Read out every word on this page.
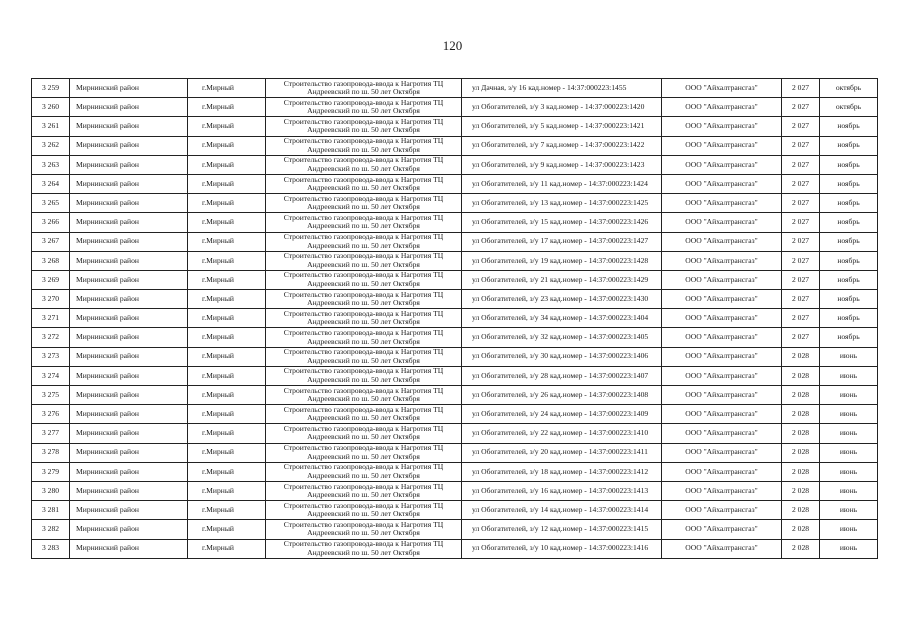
120
3 259	Мирнинский район	г.Мирный	Строительство газопровода-ввода к Нагротия ТЦ Андреевский по ш. 50 лет Октября	ул Дачная, з/у 16 кад.номер - 14:37:000223:1455	ООО "Айхалтрансгаз"	2 027	октябрь
3 260	Мирнинский район	г.Мирный	Строительство газопровода-ввода к Нагротия ТЦ Андреевский по ш. 50 лет Октября	ул Обогатителей, з/у 3 кад.номер - 14:37:000223:1420	ООО "Айхалтрансгаз"	2 027	октябрь
3 261	Мирнинский район	г.Мирный	Строительство газопровода-ввода к Нагротия ТЦ Андреевский по ш. 50 лет Октября	ул Обогатителей, з/у 5 кад.номер - 14:37:000223:1421	ООО "Айхалтрансгаз"	2 027	ноябрь
3 262	Мирнинский район	г.Мирный	Строительство газопровода-ввода к Нагротия ТЦ Андреевский по ш. 50 лет Октября	ул Обогатителей, з/у 7 кад.номер - 14:37:000223:1422	ООО "Айхалтрансгаз"	2 027	ноябрь
3 263	Мирнинский район	г.Мирный	Строительство газопровода-ввода к Нагротия ТЦ Андреевский по ш. 50 лет Октября	ул Обогатителей, з/у 9 кад.номер - 14:37:000223:1423	ООО "Айхалтрансгаз"	2 027	ноябрь
3 264	Мирнинский район	г.Мирный	Строительство газопровода-ввода к Нагротия ТЦ Андреевский по ш. 50 лет Октября	ул Обогатителей, з/у 11 кад.номер - 14:37:000223:1424	ООО "Айхалтрансгаз"	2 027	ноябрь
3 265	Мирнинский район	г.Мирный	Строительство газопровода-ввода к Нагротия ТЦ Андреевский по ш. 50 лет Октября	ул Обогатителей, з/у 13 кад.номер - 14:37:000223:1425	ООО "Айхалтрансгаз"	2 027	ноябрь
3 266	Мирнинский район	г.Мирный	Строительство газопровода-ввода к Нагротия ТЦ Андреевский по ш. 50 лет Октября	ул Обогатителей, з/у 15 кад.номер - 14:37:000223:1426	ООО "Айхалтрансгаз"	2 027	ноябрь
3 267	Мирнинский район	г.Мирный	Строительство газопровода-ввода к Нагротия ТЦ Андреевский по ш. 50 лет Октября	ул Обогатителей, з/у 17 кад.номер - 14:37:000223:1427	ООО "Айхалтрансгаз"	2 027	ноябрь
3 268	Мирнинский район	г.Мирный	Строительство газопровода-ввода к Нагротия ТЦ Андреевский по ш. 50 лет Октября	ул Обогатителей, з/у 19 кад.номер - 14:37:000223:1428	ООО "Айхалтрансгаз"	2 027	ноябрь
3 269	Мирнинский район	г.Мирный	Строительство газопровода-ввода к Нагротия ТЦ Андреевский по ш. 50 лет Октября	ул Обогатителей, з/у 21 кад.номер - 14:37:000223:1429	ООО "Айхалтрансгаз"	2 027	ноябрь
3 270	Мирнинский район	г.Мирный	Строительство газопровода-ввода к Нагротия ТЦ Андреевский по ш. 50 лет Октября	ул Обогатителей, з/у 23 кад.номер - 14:37:000223:1430	ООО "Айхалтрансгаз"	2 027	ноябрь
3 271	Мирнинский район	г.Мирный	Строительство газопровода-ввода к Нагротия ТЦ Андреевский по ш. 50 лет Октября	ул Обогатителей, з/у 34 кад.номер - 14:37:000223:1404	ООО "Айхалтрансгаз"	2 027	ноябрь
3 272	Мирнинский район	г.Мирный	Строительство газопровода-ввода к Нагротия ТЦ Андреевский по ш. 50 лет Октября	ул Обогатителей, з/у 32 кад.номер - 14:37:000223:1405	ООО "Айхалтрансгаз"	2 027	ноябрь
3 273	Мирнинский район	г.Мирный	Строительство газопровода-ввода к Нагротия ТЦ Андреевский по ш. 50 лет Октября	ул Обогатителей, з/у 30 кад.номер - 14:37:000223:1406	ООО "Айхалтрансгаз"	2 028	июнь
3 274	Мирнинский район	г.Мирный	Строительство газопровода-ввода к Нагротия ТЦ Андреевский по ш. 50 лет Октября	ул Обогатителей, з/у 28 кад.номер - 14:37:000223:1407	ООО "Айхалтрансгаз"	2 028	июнь
3 275	Мирнинский район	г.Мирный	Строительство газопровода-ввода к Нагротия ТЦ Андреевский по ш. 50 лет Октября	ул Обогатителей, з/у 26 кад.номер - 14:37:000223:1408	ООО "Айхалтрансгаз"	2 028	июнь
3 276	Мирнинский район	г.Мирный	Строительство газопровода-ввода к Нагротия ТЦ Андреевский по ш. 50 лет Октября	ул Обогатителей, з/у 24 кад.номер - 14:37:000223:1409	ООО "Айхалтрансгаз"	2 028	июнь
3 277	Мирнинский район	г.Мирный	Строительство газопровода-ввода к Нагротия ТЦ Андреевский по ш. 50 лет Октября	ул Обогатителей, з/у 22 кад.номер - 14:37:000223:1410	ООО "Айхалтрансгаз"	2 028	июнь
3 278	Мирнинский район	г.Мирный	Строительство газопровода-ввода к Нагротия ТЦ Андреевский по ш. 50 лет Октября	ул Обогатителей, з/у 20 кад.номер - 14:37:000223:1411	ООО "Айхалтрансгаз"	2 028	июнь
3 279	Мирнинский район	г.Мирный	Строительство газопровода-ввода к Нагротия ТЦ Андреевский по ш. 50 лет Октября	ул Обогатителей, з/у 18 кад.номер - 14:37:000223:1412	ООО "Айхалтрансгаз"	2 028	июнь
3 280	Мирнинский район	г.Мирный	Строительство газопровода-ввода к Нагротия ТЦ Андреевский по ш. 50 лет Октября	ул Обогатителей, з/у 16 кад.номер - 14:37:000223:1413	ООО "Айхалтрансгаз"	2 028	июнь
3 281	Мирнинский район	г.Мирный	Строительство газопровода-ввода к Нагротия ТЦ Андреевский по ш. 50 лет Октября	ул Обогатителей, з/у 14 кад.номер - 14:37:000223:1414	ООО "Айхалтрансгаз"	2 028	июнь
3 282	Мирнинский район	г.Мирный	Строительство газопровода-ввода к Нагротия ТЦ Андреевский по ш. 50 лет Октября	ул Обогатителей, з/у 12 кад.номер - 14:37:000223:1415	ООО "Айхалтрансгаз"	2 028	июнь
3 283	Мирнинский район	г.Мирный	Строительство газопровода-ввода к Нагротия ТЦ Андреевский по ш. 50 лет Октября	ул Обогатителей, з/у 10 кад.номер - 14:37:000223:1416	ООО "Айхалтрансгаз"	2 028	июнь
